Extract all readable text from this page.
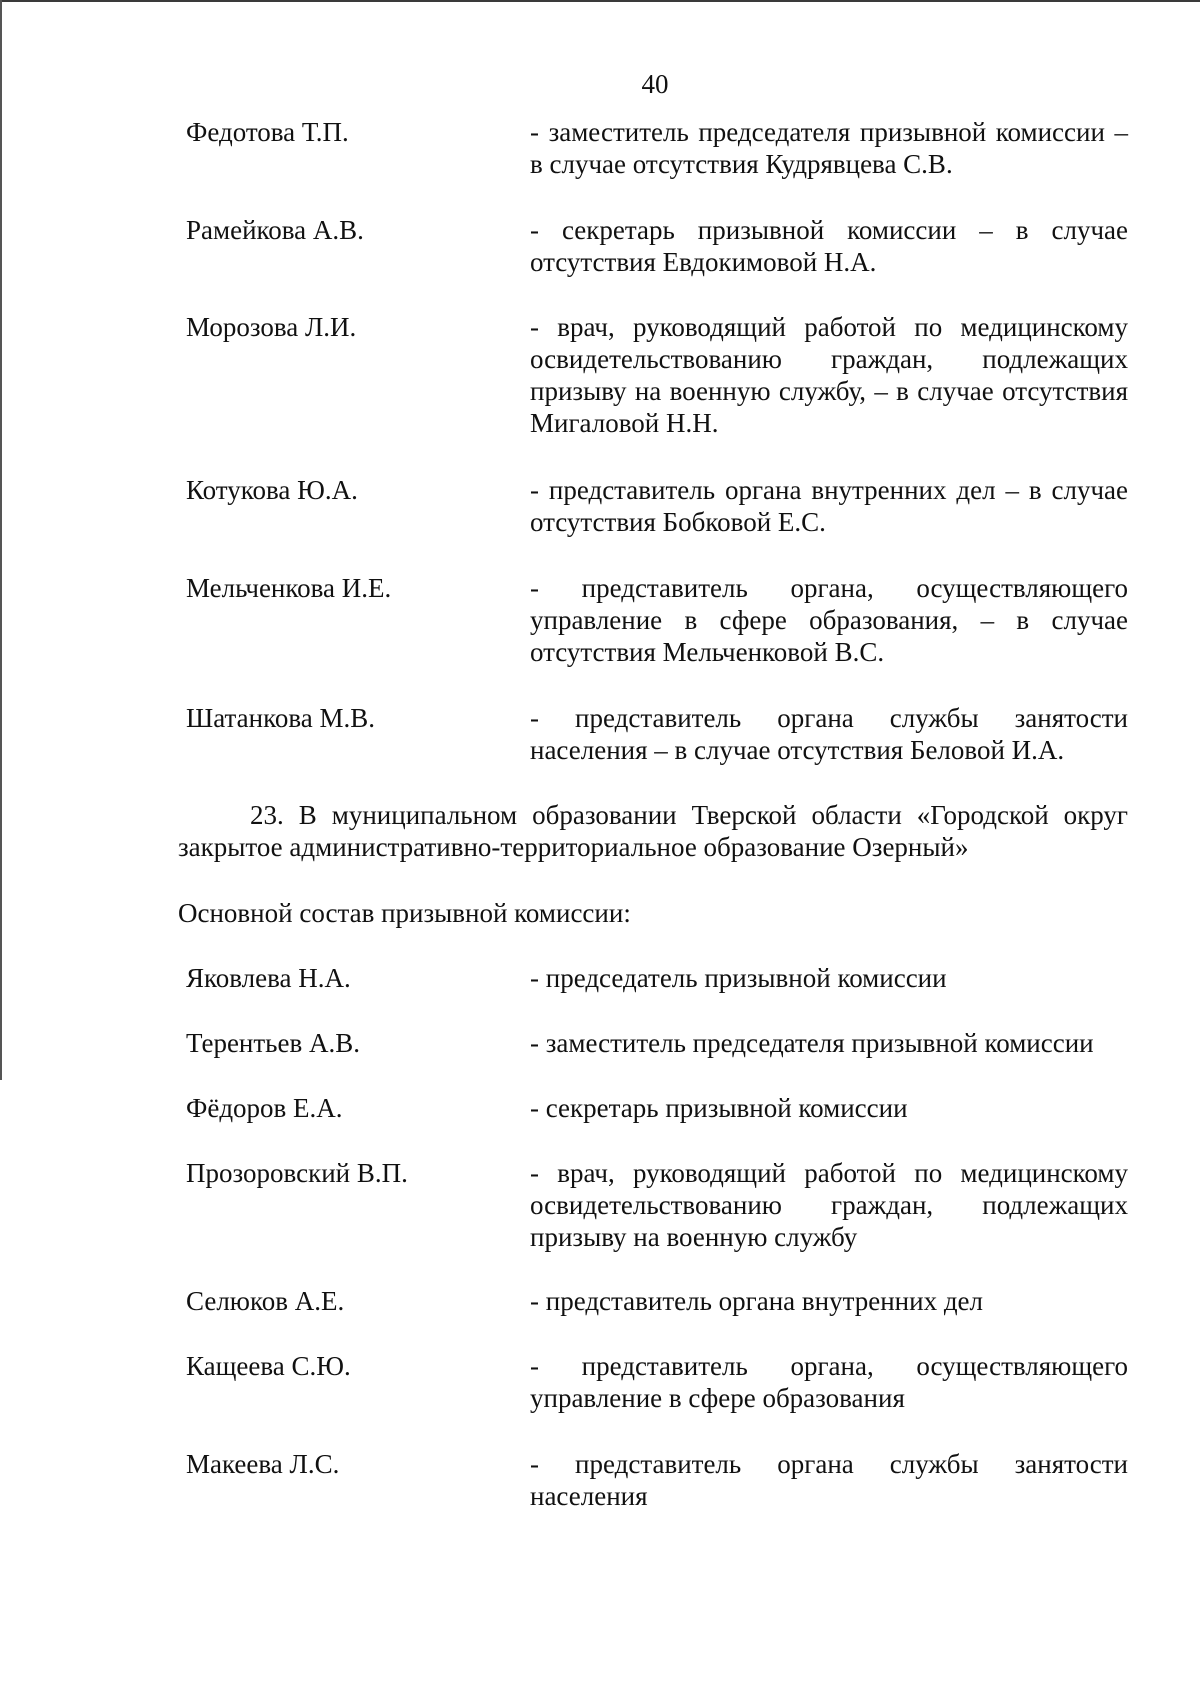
40
Федотова Т.П.	- заместитель председателя призывной комиссии – в случае отсутствия Кудрявцева С.В.
Рамейкова А.В.	- секретарь призывной комиссии – в случае отсутствия Евдокимовой Н.А.
Морозова Л.И.	- врач, руководящий работой по медицинскому освидетельствованию граждан, подлежащих призыву на военную службу, – в случае отсутствия Мигаловой Н.Н.
Котукова Ю.А.	- представитель органа внутренних дел – в случае отсутствия Бобковой Е.С.
Мельченкова И.Е.	- представитель органа, осуществляющего управление в сфере образования, – в случае отсутствия Мельченковой В.С.
Шатанкова М.В.	- представитель органа службы занятости населения – в случае отсутствия Беловой И.А.
23. В муниципальном образовании Тверской области «Городской округ закрытое административно-территориальное образование Озерный»
Основной состав призывной комиссии:
Яковлева Н.А.	- председатель призывной комиссии
Терентьев А.В.	- заместитель председателя призывной комиссии
Фёдоров Е.А.	- секретарь призывной комиссии
Прозоровский В.П.	- врач, руководящий работой по медицинскому освидетельствованию граждан, подлежащих призыву на военную службу
Селюков А.Е.	- представитель органа внутренних дел
Кащеева С.Ю.	- представитель органа, осуществляющего управление в сфере образования
Макеева Л.С.	- представитель органа службы занятости населения
